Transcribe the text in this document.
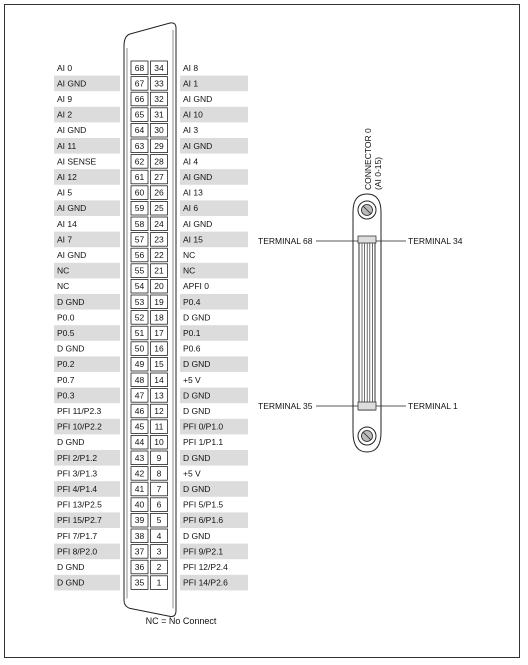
AI 0	68 34 AI 8
AI GND	67 33 AI 1
AI 9	66 32 AI GND
AI 2	65 31 AI 10
AI GND	64 30 AI 3
AI 11	63 29 AI GND
AI SENSE	62 28 AI 4
AI 12	61 27 AI GND
AI 5	60 26 AI 13
AI GND	59 25 AI 6
AI 14	58 24 AI GND
AI 7	57 23 AI 15
AI GND	56 22 NC
NC	55 21 NC
NC	54 20 APFI 0
D GND	53 19 P0.4
P0.0	52 18 D GND
P0.5	51 17 P0.1
D GND	50 16 P0.6
P0.2	49 15 D GND
P0.7	48 14 +5 V
P0.3	47 13 D GND
PFI 11/P2.3	46 12 D GND
PFI 10/P2.2	45 11 PFI 0/P1.0
D GND	44 10 PFI 1/P1.1
PFI 2/P1.2	43 9	D GND
PFI 3/P1.3	42 8	+5 V
PFI 4/P1.4	41 7	D GND
PFI 13/P2.5	40 6	PFI 5/P1.5
PFI 15/P2.7	39 5	PFI 6/P1.6
PFI 7/P1.7	38 4	D GND
PFI 8/P2.0	37 3	PFI 9/P2.1
D GND	36 2	PFI 12/P2.4
D GND	35 1	PFI 14/P2.6
CONNECTOR 0 (AI 0-15)
TERMINAL 68	TERMINAL 34
TERMINAL 35	TERMINAL 1
NC = No Connect
